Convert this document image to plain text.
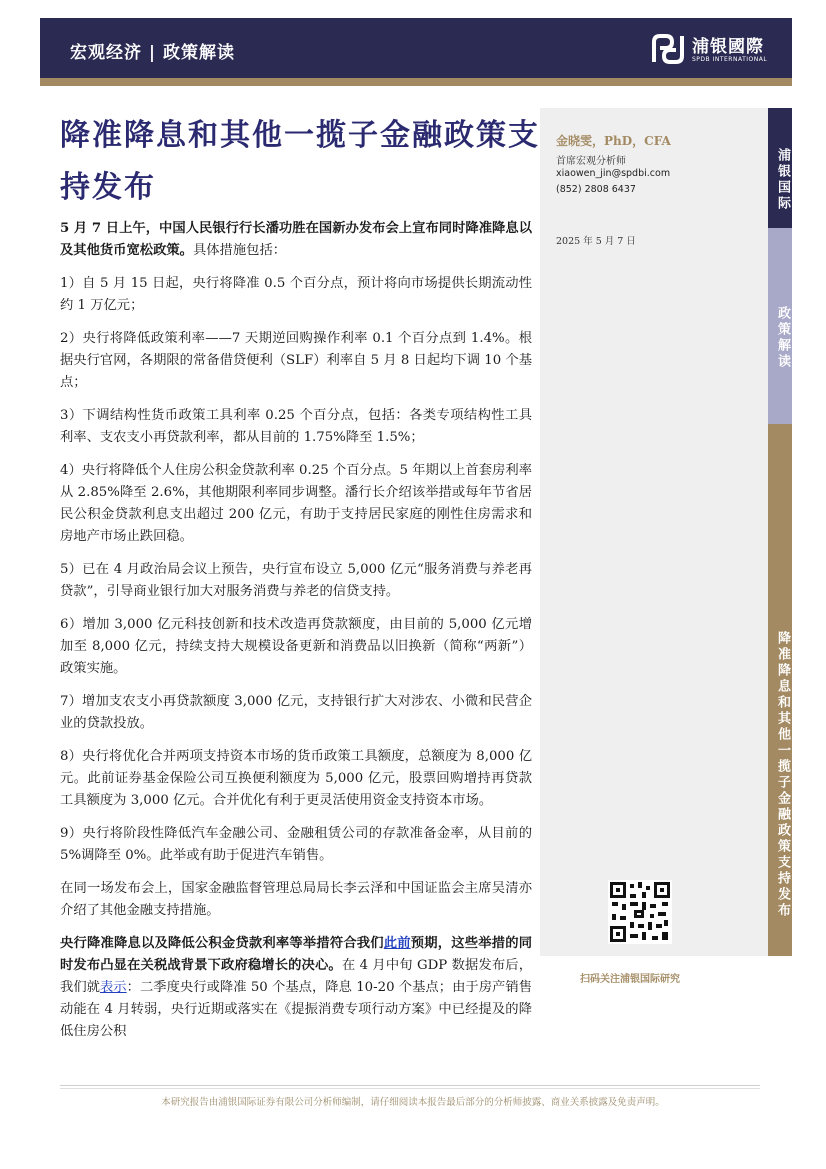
宏观经济 | 政策解读	浦银國際
SPDB INTERNATIONAL
降准降息和其他一揽子金融政策支持发布
金晓雯，PhD，CFA
首席宏观分析师
xiaowen_jin@spdbi.com
(852) 2808 6437
2025 年 5 月 7 日
扫码关注浦银国际研究
浦银国际
政策解读
降准降息和其他一揽子金融政策支持发布

5 月 7 日上午，中国人民银行行长潘功胜在国新办发布会上宣布同时降准降息以及其他货币宽松政策。具体措施包括：

1）自 5 月 15 日起，央行将降准 0.5 个百分点，预计将向市场提供长期流动性约 1 万亿元；

2）央行将降低政策利率——7 天期逆回购操作利率 0.1 个百分点到 1.4%。根据央行官网，各期限的常备借贷便利（SLF）利率自 5 月 8 日起均下调 10 个基点；

3）下调结构性货币政策工具利率 0.25 个百分点，包括：各类专项结构性工具利率、支农支小再贷款利率，都从目前的 1.75%降至 1.5%；

4）央行将降低个人住房公积金贷款利率 0.25 个百分点。5 年期以上首套房利率从 2.85%降至 2.6%，其他期限利率同步调整。潘行长介绍该举措或每年节省居民公积金贷款利息支出超过 200 亿元，有助于支持居民家庭的刚性住房需求和房地产市场止跌回稳。

5）已在 4 月政治局会议上预告，央行宣布设立 5,000 亿元“服务消费与养老再贷款”，引导商业银行加大对服务消费与养老的信贷支持。

6）增加 3,000 亿元科技创新和技术改造再贷款额度，由目前的 5,000 亿元增加至 8,000 亿元，持续支持大规模设备更新和消费品以旧换新（简称“两新”）政策实施。

7）增加支农支小再贷款额度 3,000 亿元，支持银行扩大对涉农、小微和民营企业的贷款投放。

8）央行将优化合并两项支持资本市场的货币政策工具额度，总额度为 8,000 亿元。此前证券基金保险公司互换便利额度为 5,000 亿元，股票回购增持再贷款工具额度为 3,000 亿元。合并优化有利于更灵活使用资金支持资本市场。

9）央行将阶段性降低汽车金融公司、金融租赁公司的存款准备金率，从目前的 5%调降至 0%。此举或有助于促进汽车销售。

在同一场发布会上，国家金融监督管理总局局长李云泽和中国证监会主席吴清亦介绍了其他金融支持措施。

央行降准降息以及降低公积金贷款利率等举措符合我们此前预期，这些举措的同时发布凸显在关税战背景下政府稳增长的决心。在 4 月中旬 GDP 数据发布后，我们就表示：二季度央行或降准 50 个基点，降息 10-20 个基点；由于房产销售动能在 4 月转弱，央行近期或落实在《提振消费专项行动方案》中已经提及的降低住房公积

本研究报告由浦银国际证券有限公司分析师编制，请仔细阅读本报告最后部分的分析师披露、商业关系披露及免责声明。
